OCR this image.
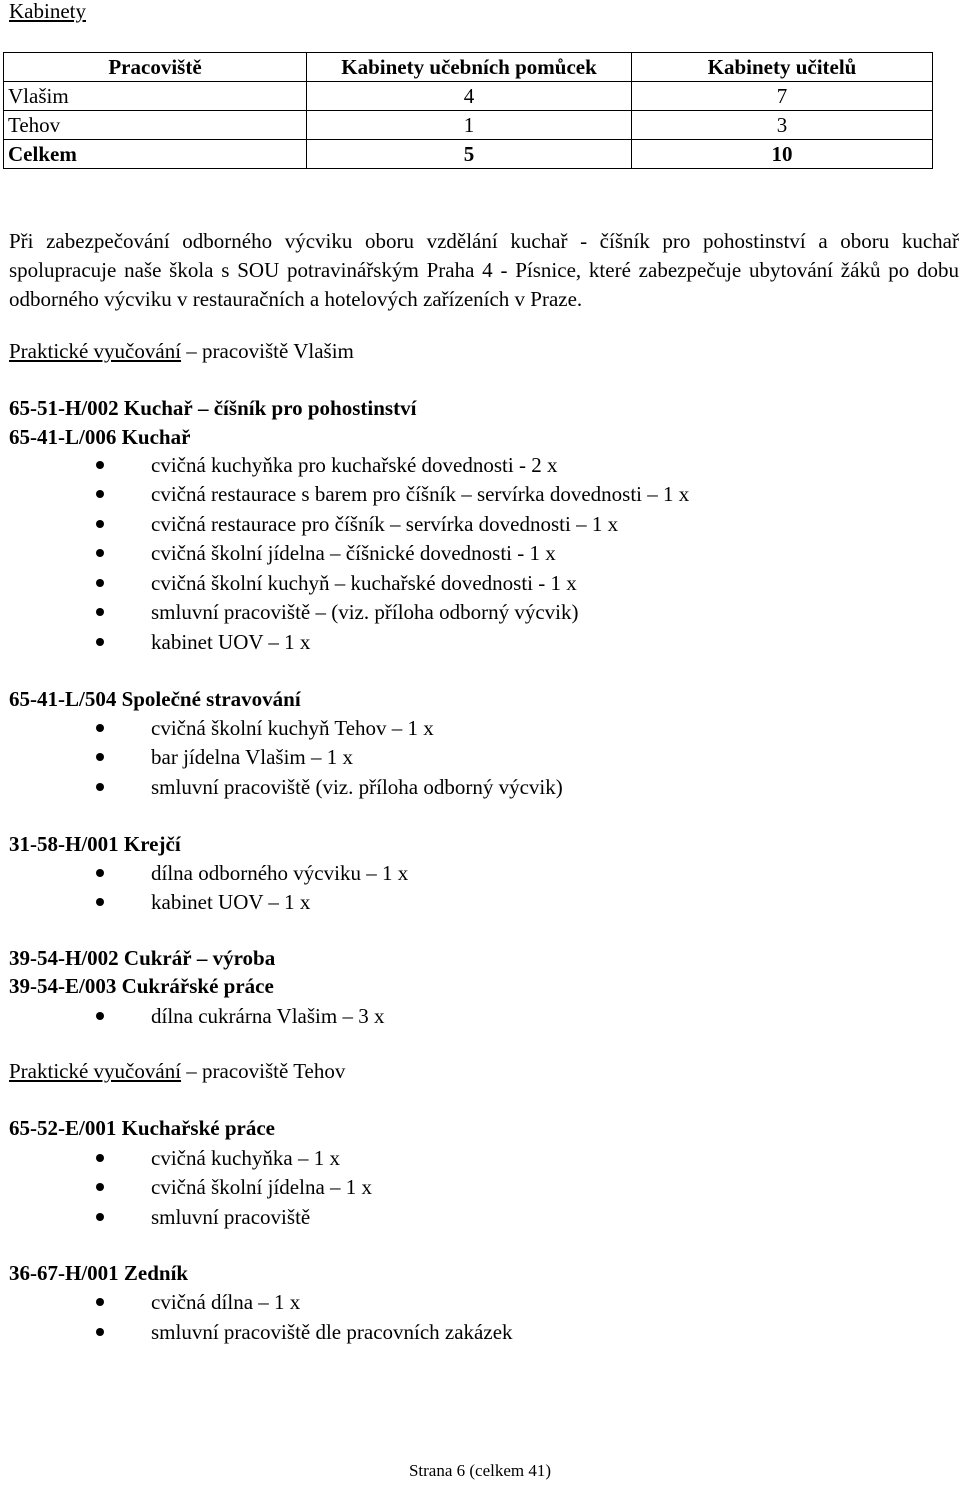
Kabinety
Pracoviště	Kabinety učebních pomůcek	Kabinety učitelů
Vlašim	4	7
Tehov	1	3
Celkem	5	10
Při zabezpečování odborného výcviku oboru vzdělání kuchař - číšník pro pohostinství a oboru kuchař spolupracuje naše škola s SOU potravinářským Praha 4 - Písnice, které zabezpečuje ubytování žáků po dobu odborného výcviku v restauračních a hotelových zařízeních v Praze.
Praktické vyučování – pracoviště Vlašim
65-51-H/002 Kuchař – číšník pro pohostinství
65-41-L/006 Kuchař
cvičná kuchyňka pro kuchařské dovednosti - 2 x
cvičná restaurace s barem pro číšník – servírka dovednosti – 1 x
cvičná restaurace pro číšník – servírka dovednosti – 1 x
cvičná školní jídelna – číšnické dovednosti - 1 x
cvičná školní kuchyň – kuchařské dovednosti - 1 x
smluvní pracoviště – (viz. příloha odborný výcvik)
kabinet UOV – 1 x
65-41-L/504 Společné stravování
cvičná školní kuchyň Tehov – 1 x
bar jídelna Vlašim – 1 x
smluvní pracoviště (viz. příloha odborný výcvik)
31-58-H/001 Krejčí
dílna odborného výcviku – 1 x
kabinet UOV – 1 x
39-54-H/002 Cukrář – výroba
39-54-E/003 Cukrářské práce
dílna cukrárna Vlašim – 3 x
Praktické vyučování – pracoviště Tehov
65-52-E/001 Kuchařské práce
cvičná kuchyňka – 1 x
cvičná školní jídelna – 1 x
smluvní pracoviště
36-67-H/001 Zedník
cvičná dílna – 1 x
smluvní pracoviště dle pracovních zakázek
Strana 6 (celkem 41)
